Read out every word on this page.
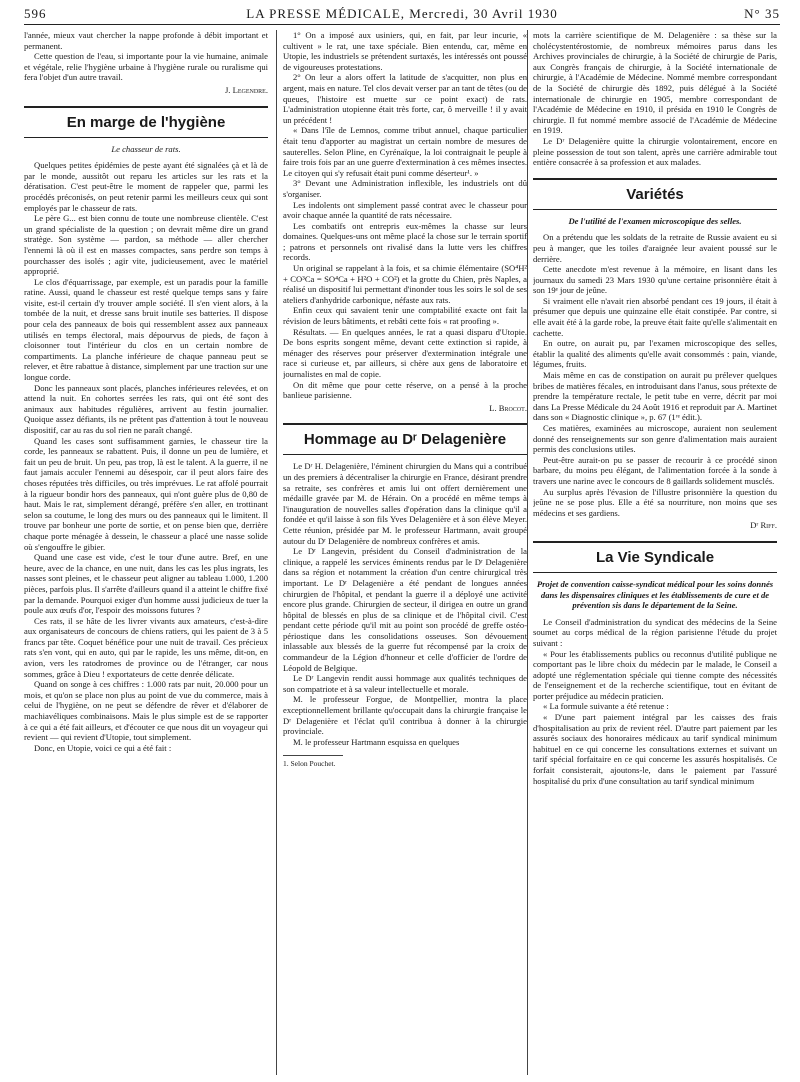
596	LA PRESSE MÉDICALE, Mercredi, 30 Avril 1930	N° 35

l'année, mieux vaut chercher la nappe profonde à débit important et permanent.

Cette question de l'eau, si importante pour la vie humaine, animale et végétale, relie l'hygiène urbaine à l'hygiène rurale ou ruralisme qui fera l'objet d'un autre travail.

J. Legendre.
En marge de l'hygiène
Le chasseur de rats.

Quelques petites épidémies de peste ayant été signalées çà et là de par le monde, aussitôt out reparu les articles sur les rats et la dératisation. C'est peut-être le moment de rappeler que, parmi les procédés préconisés, on peut retenir parmi les meilleurs ceux qui sont employés par le chasseur de rats.

Le père G... est bien connu de toute une nombreuse clientèle. C'est un grand spécialiste de la question ; on devrait même dire un grand stratège. Son système — pardon, sa méthode — aller chercher l'ennemi là où il est en masses compactes, sans perdre son temps à pourchasser des isolés ; agir vite, judicieusement, avec le matériel approprié.

Le clos d'équarrissage, par exemple, est un paradis pour la famille ratine. Aussi, quand le chasseur est resté quelque temps sans y faire visite, est-il certain d'y trouver ample société. Il s'en vient alors, à la tombée de la nuit, et dresse sans bruit inutile ses batteries. Il dispose pour cela des panneaux de bois qui ressemblent assez aux panneaux utilisés en temps électoral, mais dépourvus de pieds, de façon à cloisonner tout l'intérieur du clos en un certain nombre de compartiments. La planche inférieure de chaque panneau peut se relever, et être rabattue à distance, simplement par une traction sur une longue corde.

Donc les panneaux sont placés, planches inférieures relevées, et on attend la nuit. En cohortes serrées les rats, qui ont été sont des animaux aux habitudes régulières, arrivent au festin journalier. Quoique assez défiants, ils ne prêtent pas d'attention à tout le nouveau dispositif, car au ras du sol rien ne paraît changé.

Quand les cases sont suffisamment garnies, le chasseur tire la corde, les panneaux se rabattent. Puis, il donne un peu de lumière, et fait un peu de bruit. Un peu, pas trop, là est le talent. A la guerre, il ne faut jamais acculer l'ennemi au désespoir, car il peut alors faire des choses réputées très difficiles, ou très imprévues. Le rat affolé pourrait à la rigueur bondir hors des panneaux, qui n'ont guère plus de 0,80 de haut. Mais le rat, simplement dérangé, préfère s'en aller, en trottinant selon sa coutume, le long des murs ou des panneaux qui le limitent. Il trouve par bonheur une porte de sortie, et on pense bien que, derrière chaque porte ménagée à dessein, le chasseur a placé une nasse solide où s'engouffre le gibier.

Quand une case est vide, c'est le tour d'une autre. Bref, en une heure, avec de la chance, en une nuit, dans les cas les plus ingrats, les nasses sont pleines, et le chasseur peut aligner au tableau 1.000, 1.200 pièces, parfois plus. Il s'arrête d'ailleurs quand il a atteint le chiffre fixé par la demande. Pourquoi exiger d'un homme aussi judicieux de tuer la poule aux œufs d'or, l'espoir des moissons futures ?

Ces rats, il se hâte de les livrer vivants aux amateurs, c'est-à-dire aux organisateurs de concours de chiens ratiers, qui les paient de 3 à 5 francs par tête. Coquet bénéfice pour une nuit de travail. Ces précieux rats s'en vont, qui en auto, qui par le rapide, les uns même, dit-on, en avion, vers les ratodromes de province ou de l'étranger, car nous sommes, grâce à Dieu ! exportateurs de cette denrée délicate.

Quand on songe à ces chiffres : 1.000 rats par nuit, 20.000 pour un mois, et qu'on se place non plus au point de vue du commerce, mais à celui de l'hygiène, on ne peut se défendre de rêver et d'élaborer de machiavéliques combinaisons. Mais le plus simple est de se rapporter à ce qui a été fait ailleurs, et d'écouter ce que nous dit un voyageur qui revient — qui revient d'Utopie, tout simplement.

Donc, en Utopie, voici ce qui a été fait :

1° On a imposé aux usiniers, qui, en fait, par leur incurie, « cultivent » le rat, une taxe spéciale. Bien entendu, car, même en Utopie, les industriels se prétendent surtaxés, les intéressés ont poussé de vigoureuses protestations.

2° On leur a alors offert la latitude de s'acquitter, non plus en argent, mais en nature. Tel clos devait verser par an tant de têtes (ou de queues, l'histoire est muette sur ce point exact) de rats. L'administration utopienne était très forte, car, ô merveille ! il y avait un précédent !

« Dans l'île de Lemnos, comme tribut annuel, chaque particulier était tenu d'apporter au magistrat un certain nombre de mesures de sauterelles. Selon Pline, en Cyrénaïque, la loi contraignait le peuple à faire trois fois par an une guerre d'extermination à ces mêmes insectes. Le citoyen qui s'y refusait était puni comme déserteur¹. »

3° Devant une Administration inflexible, les industriels ont dû s'organiser.

Les indolents ont simplement passé contrat avec le chasseur pour avoir chaque année la quantité de rats nécessaire.

Les combatifs ont entrepris eux-mêmes la chasse sur leurs domaines. Quelques-uns ont même placé la chose sur le terrain sportif ; patrons et personnels ont rivalisé dans la lutte vers les chiffres records.

Un original se rappelant à la fois, et sa chimie élémentaire (SO⁴H² + CO³Ca = SO⁴Ca + H²O + CO²) et la grotte du Chien, près Naples, a réalisé un dispositif lui permettant d'inonder tous les soirs le sol de ses ateliers d'anhydride carbonique, néfaste aux rats.

Enfin ceux qui savaient tenir une comptabilité exacte ont fait la révision de leurs bâtiments, et rebâti cette fois « rat proofing ».

Résultats. — En quelques années, le rat a quasi disparu d'Utopie. De bons esprits songent même, devant cette extinction si rapide, à ménager des réserves pour préserver d'extermination intégrale une race si curieuse et, par ailleurs, si chère aux gens de laboratoire et journalistes en mal de copie.

On dit même que pour cette réserve, on a pensé à la proche banlieue parisienne.

L. Brocot.
Hommage au Dʳ Delagenière

Le Dʳ H. Delagenière, l'éminent chirurgien du Mans qui a contribué un des premiers à décentraliser la chirurgie en France, désirant prendre sa retraite, ses confrères et amis lui ont offert dernièrement une médaille gravée par M. de Hérain. On a procédé en même temps à l'inauguration de nouvelles salles d'opération dans la clinique qu'il a fondée et qu'il laisse à son fils Yves Delagenière et à son élève Meyer. Cette réunion, présidée par M. le professeur Hartmann, avait groupé autour du Dʳ Delagenière de nombreux confrères et amis.

Le Dʳ Langevin, président du Conseil d'administration de la clinique, a rappelé les services éminents rendus par le Dʳ Delagenière dans sa région et notamment la création d'un centre chirurgical très important. Le Dʳ Delagenière a été pendant de longues années chirurgien de l'hôpital, et pendant la guerre il a déployé une activité encore plus grande. Chirurgien de secteur, il dirigea en outre un grand hôpital de blessés en plus de sa clinique et de l'hôpital civil. C'est pendant cette période qu'il mit au point son procédé de greffe ostéo-périostique dans les consolidations osseuses. Son dévouement inlassable aux blessés de la guerre fut récompensé par la croix de commandeur de la Légion d'honneur et celle d'officier de l'ordre de Léopold de Belgique.

Le Dʳ Langevin rendit aussi hommage aux qualités techniques de son compatriote et à sa valeur intellectuelle et morale.

M. le professeur Forgue, de Montpellier, montra la place exceptionnellement brillante qu'occupait dans la chirurgie française le Dʳ Delagenière et l'éclat qu'il contribua à donner à la chirurgie provinciale.

M. le professeur Hartmann esquissa en quelques

1. Selon Pouchet.

mots la carrière scientifique de M. Delagenière : sa thèse sur la cholécystentérostomie, de nombreux mémoires parus dans les Archives provinciales de chirurgie, à la Société de chirurgie de Paris, aux Congrès français de chirurgie, à la Société internationale de chirurgie, à l'Académie de Médecine. Nommé membre correspondant de la Société de chirurgie dès 1892, puis délégué à la Société internationale de chirurgie en 1905, membre correspondant de l'Académie de Médecine en 1910, il présida en 1910 le Congrès de chirurgie. Il fut nommé membre associé de l'Académie de Médecine en 1919.

Le Dʳ Delagenière quitte la chirurgie volontairement, encore en pleine possession de tout son talent, après une carrière admirable tout entière consacrée à sa profession et aux malades.

Variétés
De l'utilité de l'examen microscopique des selles.

On a prétendu que les soldats de la retraite de Russie avaient eu si peu à manger, que les toiles d'araignée leur avaient poussé sur le derrière.

Cette anecdote m'est revenue à la mémoire, en lisant dans les journaux du samedi 23 Mars 1930 qu'une certaine prisonnière était à son 19ᵉ jour de jeûne.

Si vraiment elle n'avait rien absorbé pendant ces 19 jours, il était à présumer que depuis une quinzaine elle était constipée. Par contre, si elle avait été à la garde robe, la preuve était faite qu'elle s'alimentait en cachette.

En outre, on aurait pu, par l'examen microscopique des selles, établir la qualité des aliments qu'elle avait consommés : pain, viande, légumes, fruits.

Mais même en cas de constipation on aurait pu prélever quelques bribes de matières fécales, en introduisant dans l'anus, sous prétexte de prendre la température rectale, le petit tube en verre, décrit par moi dans La Presse Médicale du 24 Août 1916 et reproduit par A. Martinet dans son « Diagnostic clinique », p. 67 (1ʳᵉ édit.).

Ces matières, examinées au microscope, auraient non seulement donné des renseignements sur son genre d'alimentation mais auraient permis des conclusions utiles.

Peut-être aurait-on pu se passer de recourir à ce procédé sinon barbare, du moins peu élégant, de l'alimentation forcée à la sonde à travers une narine avec le concours de 8 gaillards solidement musclés.

Au surplus après l'évasion de l'illustre prisonnière la question du jeûne ne se pose plus. Elle a été sa nourriture, non moins que ses médecins et ses gardiens.

Dʳ Riff.
La Vie Syndicale
Projet de convention caisse-syndicat médical pour les soins donnés dans les dispensaires cliniques et les établissements de cure et de prévention sis dans le département de la Seine.

Le Conseil d'administration du syndicat des médecins de la Seine soumet au corps médical de la région parisienne l'étude du projet suivant :

« Pour les établissements publics ou reconnus d'utilité publique ne comportant pas le libre choix du médecin par le malade, le Conseil a adopté une réglementation spéciale qui tienne compte des nécessités de l'enseignement et de la recherche scientifique, tout en évitant de porter préjudice au médecin praticien.

« La formule suivante a été retenue :

« D'une part paiement intégral par les caisses des frais d'hospitalisation au prix de revient réel. D'autre part paiement par les assurés sociaux des honoraires médicaux au tarif syndical minimum habituel en ce qui concerne les consultations externes et suivant un tarif spécial forfaitaire en ce qui concerne les assurés hospitalisés. Ce forfait consisterait, ajoutons-le, dans le paiement par l'assuré hospitalisé du prix d'une consultation au tarif syndical minimum
